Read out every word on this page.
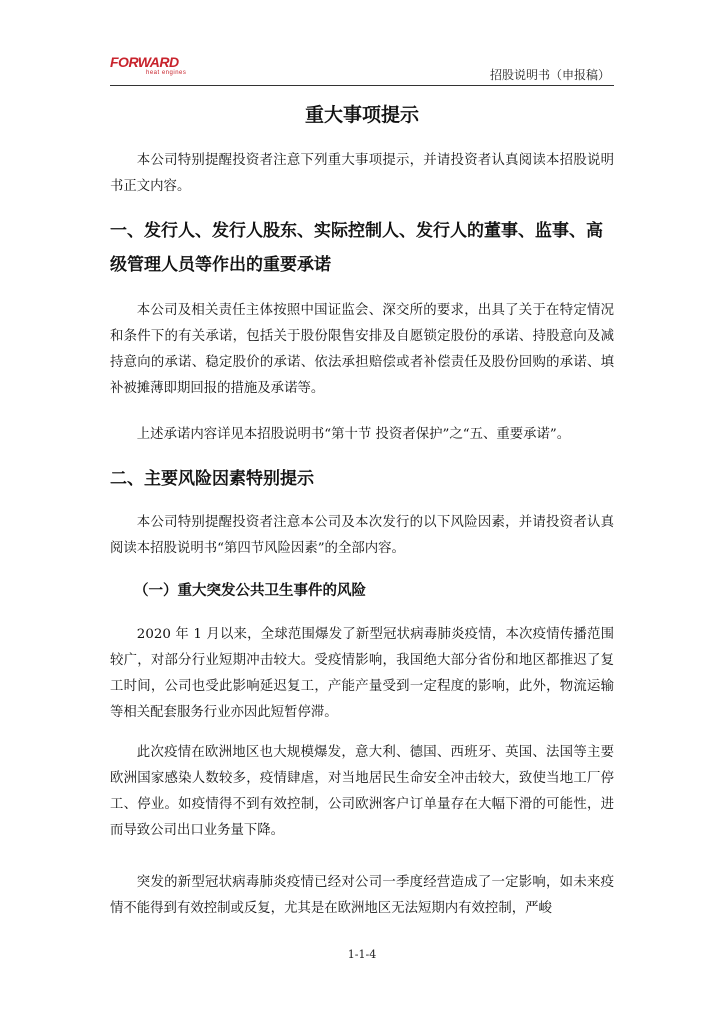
FORWARD
heat engines	招股说明书（申报稿）
重大事项提示
本公司特别提醒投资者注意下列重大事项提示，并请投资者认真阅读本招股说明书正文内容。
一、发行人、发行人股东、实际控制人、发行人的董事、监事、高级管理人员等作出的重要承诺
本公司及相关责任主体按照中国证监会、深交所的要求，出具了关于在特定情况和条件下的有关承诺，包括关于股份限售安排及自愿锁定股份的承诺、持股意向及减持意向的承诺、稳定股价的承诺、依法承担赔偿或者补偿责任及股份回购的承诺、填补被摊薄即期回报的措施及承诺等。
上述承诺内容详见本招股说明书“第十节 投资者保护”之“五、重要承诺”。
二、主要风险因素特别提示
本公司特别提醒投资者注意本公司及本次发行的以下风险因素，并请投资者认真阅读本招股说明书“第四节风险因素”的全部内容。
（一）重大突发公共卫生事件的风险
2020 年 1 月以来，全球范围爆发了新型冠状病毒肺炎疫情，本次疫情传播范围较广，对部分行业短期冲击较大。受疫情影响，我国绝大部分省份和地区都推迟了复工时间，公司也受此影响延迟复工，产能产量受到一定程度的影响，此外，物流运输等相关配套服务行业亦因此短暂停滞。
此次疫情在欧洲地区也大规模爆发，意大利、德国、西班牙、英国、法国等主要欧洲国家感染人数较多，疫情肆虐，对当地居民生命安全冲击较大，致使当地工厂停工、停业。如疫情得不到有效控制，公司欧洲客户订单量存在大幅下滑的可能性，进而导致公司出口业务量下降。
突发的新型冠状病毒肺炎疫情已经对公司一季度经营造成了一定影响，如未来疫情不能得到有效控制或反复，尤其是在欧洲地区无法短期内有效控制，严峻
1-1-4
